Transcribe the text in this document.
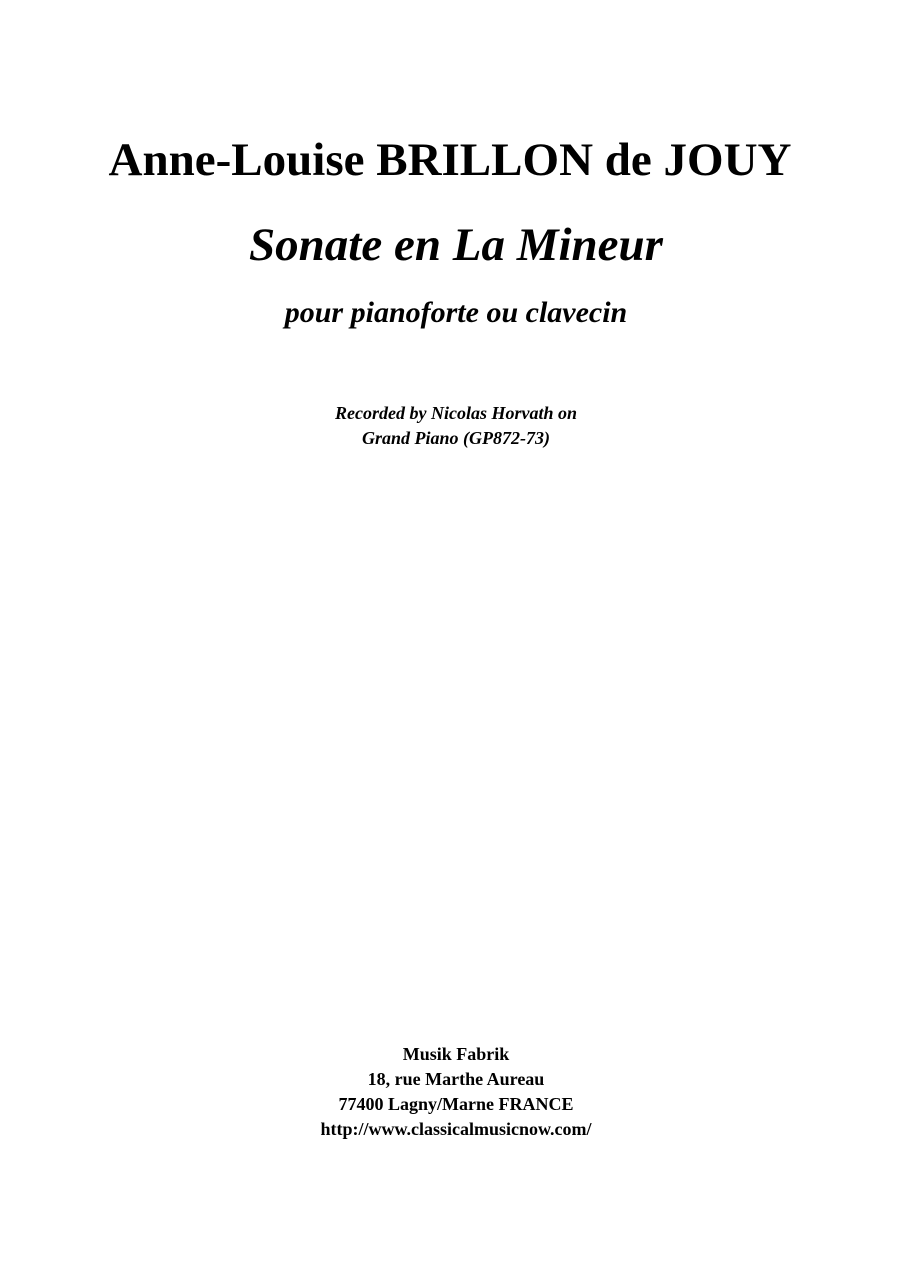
Anne-Louise BRILLON de JOUY
Sonate en La Mineur
pour pianoforte ou clavecin
Recorded by Nicolas Horvath on
Grand Piano (GP872-73)
Musik Fabrik
18, rue Marthe Aureau
77400 Lagny/Marne FRANCE
http://www.classicalmusicnow.com/
